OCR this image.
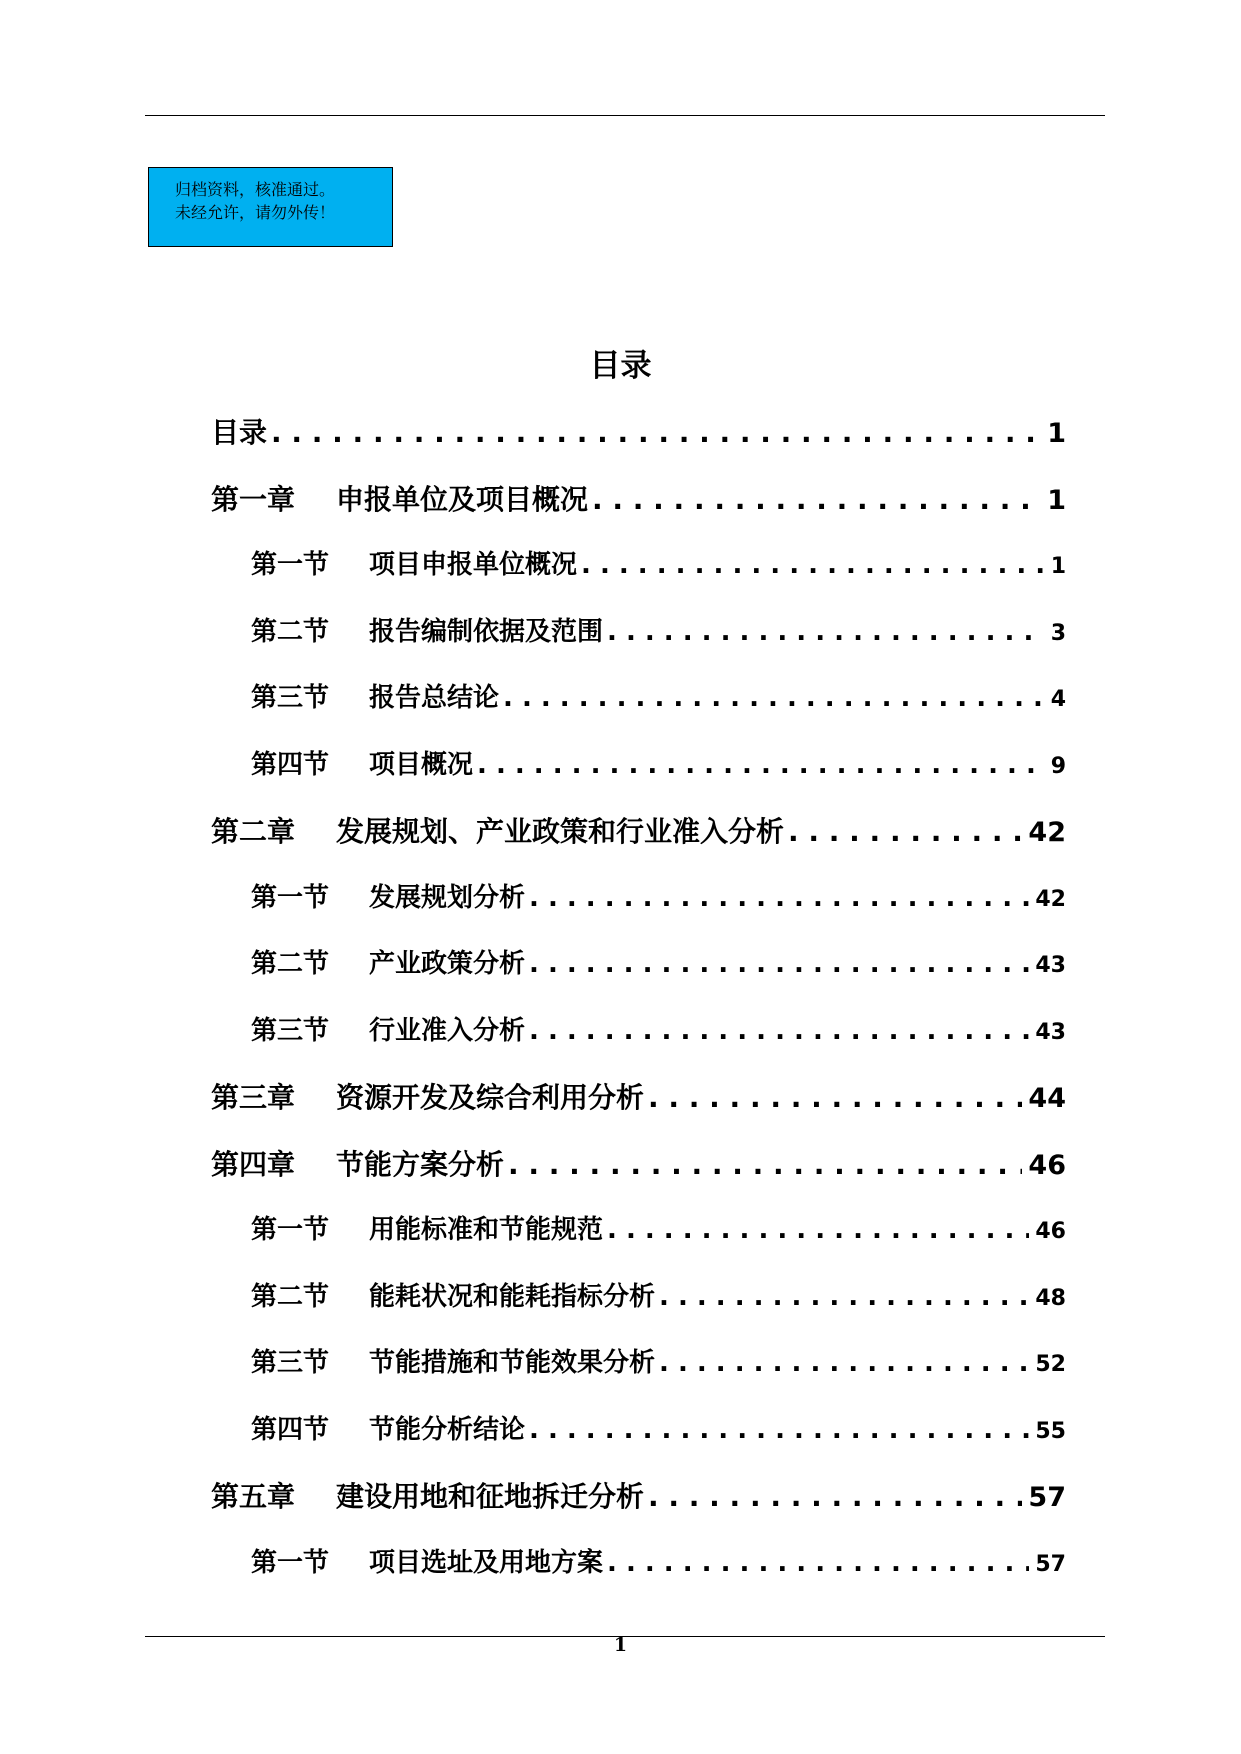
归档资料，核准通过。
未经允许，请勿外传！
目录
目录 . . .	1
第一章	申报单位及项目概况 . . .	1
第一节	项目申报单位概况 . . .	1
第二节	报告编制依据及范围 . . .	3
第三节	报告总结论 . . .	4
第四节	项目概况 . . .	9
第二章	发展规划、产业政策和行业准入分析 . . .	42
第一节	发展规划分析 . . .	42
第二节	产业政策分析 . . .	43
第三节	行业准入分析 . . .	43
第三章	资源开发及综合利用分析 . . .	44
第四章	节能方案分析 . . .	46
第一节	用能标准和节能规范 . . .	46
第二节	能耗状况和能耗指标分析 . . .	48
第三节	节能措施和节能效果分析 . . .	52
第四节	节能分析结论 . . .	55
第五章	建设用地和征地拆迁分析 . . .	57
第一节	项目选址及用地方案 . . .	57
1
